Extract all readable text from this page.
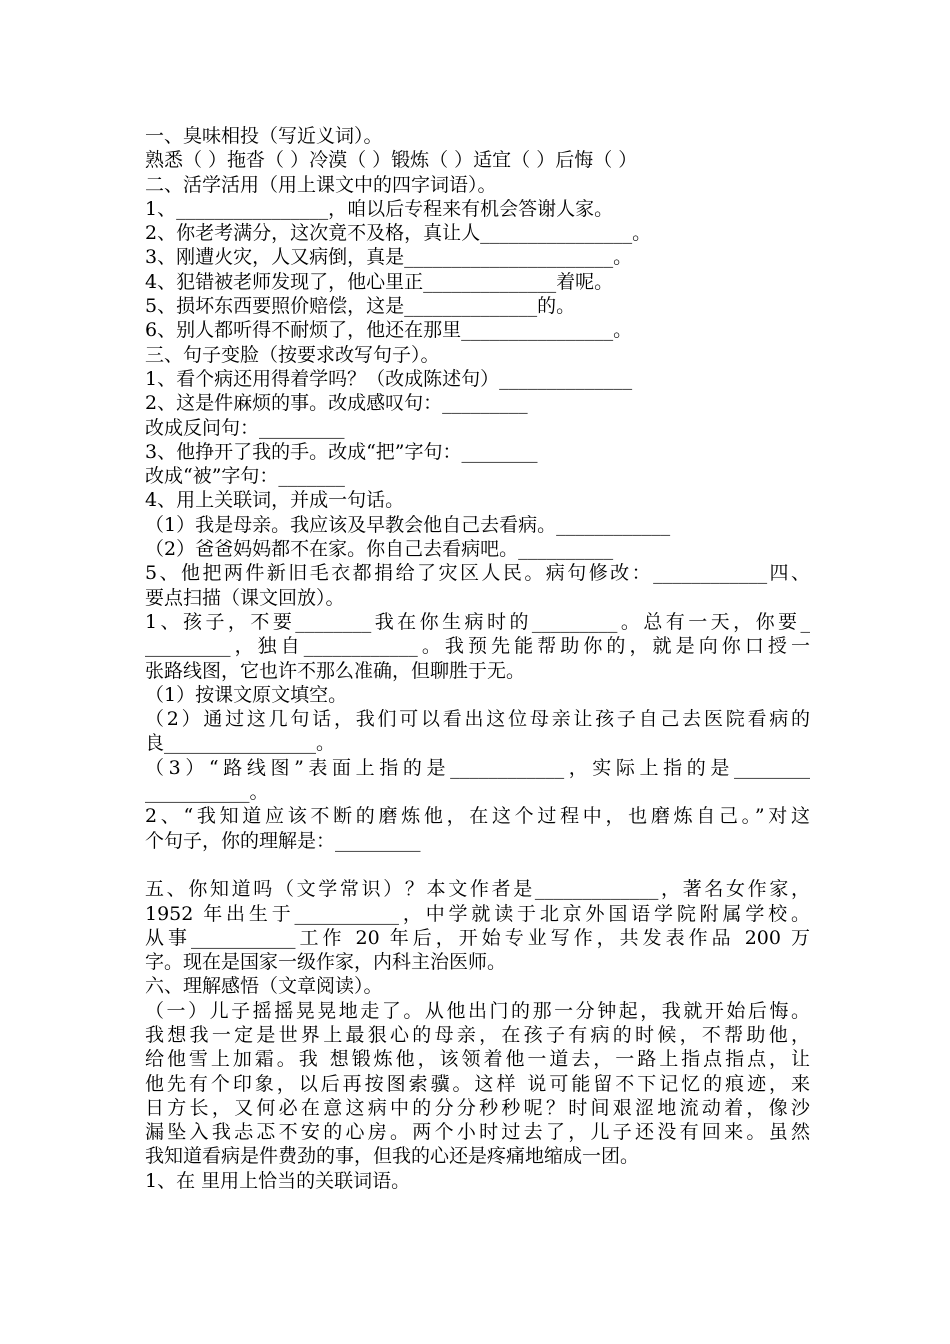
一、臭味相投（写近义词）。
熟悉（ ）拖沓（ ）冷漠（ ）锻炼（ ）适宜（ ）后悔（ ）
二、活学活用（用上课文中的四字词语）。
1、________________，咱以后专程来有机会答谢人家。
2、你老考满分，这次竟不及格，真让人________________。
3、刚遭火灾，人又病倒，真是______________________。
4、犯错被老师发现了，他心里正______________着呢。
5、损坏东西要照价赔偿，这是______________的。
6、别人都听得不耐烦了，他还在那里________________。
三、句子变脸（按要求改写句子）。
1、看个病还用得着学吗？（改成陈述句）______________
2、这是件麻烦的事。改成感叹句：_________
改成反问句：_________
3、他挣开了我的手。改成“把”字句：________
改成“被”字句：_______
4、用上关联词，并成一句话。
（1）我是母亲。我应该及早教会他自己去看病。____________
（2）爸爸妈妈都不在家。你自己去看病吧。__________
5、他把两件新旧毛衣都捐给了灾区人民。病句修改：____________四、
要点扫描（课文回放）。
1、孩子，不要________我在你生病时的_________。总有一天，你要_
_________，独自____________。我预先能帮助你的，就是向你口授一
张路线图，它也许不那么准确，但聊胜于无。
（1）按课文原文填空。
（2）通过这几句话，我们可以看出这位母亲让孩子自己去医院看病的
良________________。
（3）“路线图”表面上指的是____________，实际上指的是________
___________。
2、“我知道应该不断的磨炼他，在这个过程中，也磨炼自己。”对这
个句子，你的理解是：_________
五、你知道吗（文学常识）？本文作者是_____________，著名女作家，
1952 年出生于___________，中学就读于北京外国语学院附属学校。
从事___________工作 20 年后，开始专业写作，共发表作品 200 万
字。现在是国家一级作家，内科主治医师。
六、理解感悟（文章阅读）。
（一）儿子摇摇晃晃地走了。从他出门的那一分钟起，我就开始后悔。
我想我一定是世界上最狠心的母亲，在孩子有病的时候，不帮助他，
给他雪上加霜。我 想锻炼他，该领着他一道去，一路上指点指点，让
他先有个印象，以后再按图索骥。这样 说可能留不下记忆的痕迹，来
日方长，又何必在意这病中的分分秒秒呢？时间艰涩地流动着，像沙
漏坠入我忐忑不安的心房。两个小时过去了，儿子还没有回来。虽然
我知道看病是件费劲的事，但我的心还是疼痛地缩成一团。
1、在 里用上恰当的关联词语。
